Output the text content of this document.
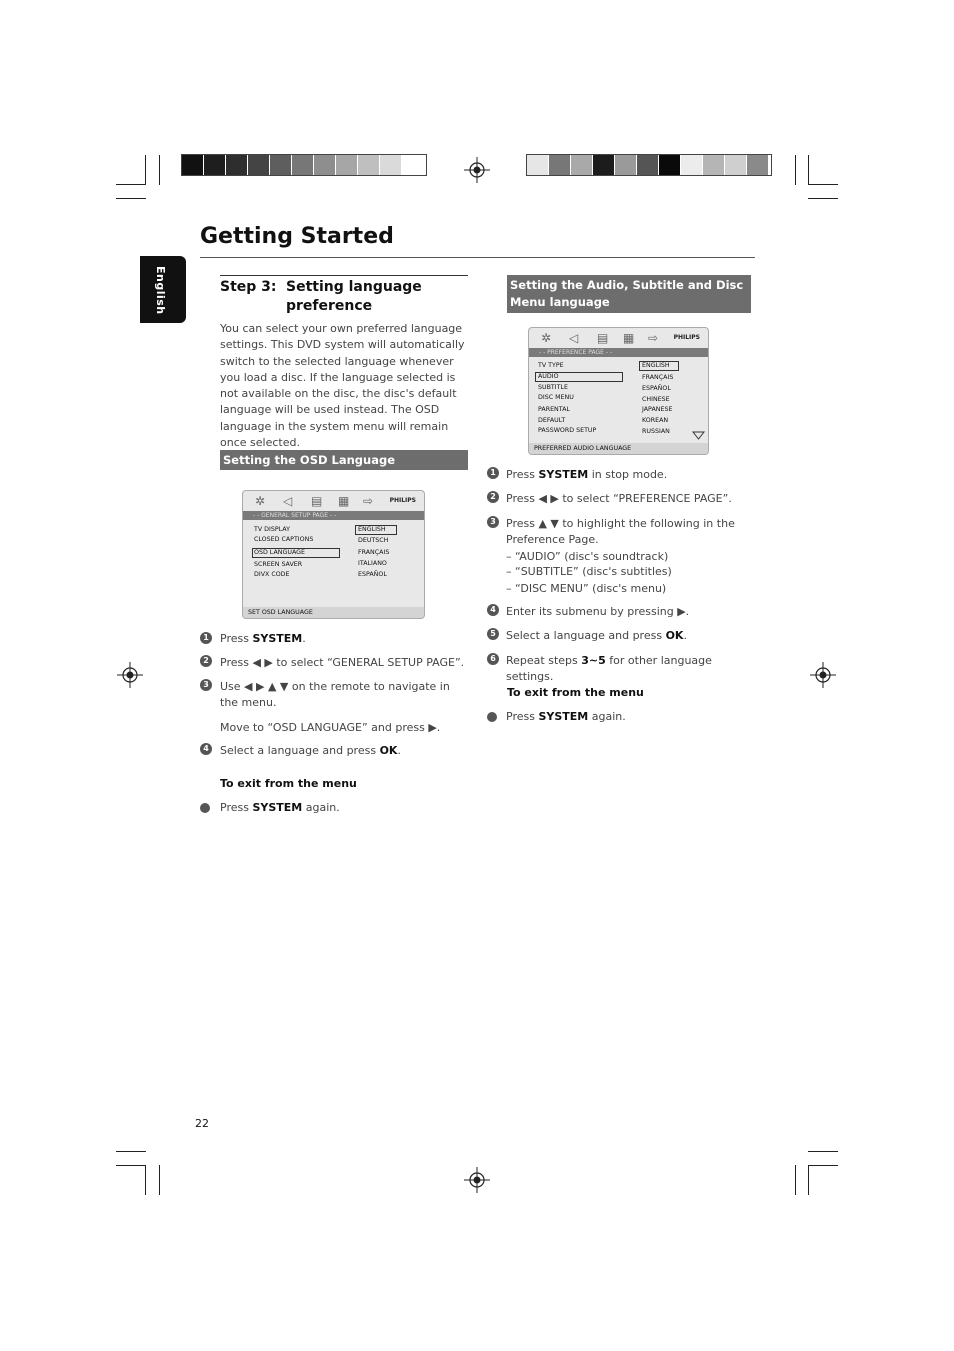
Getting Started
English	Step 3: Setting language preference
You can select your own preferred language settings. This DVD system will automatically switch to the selected language whenever you load a disc. If the language selected is not available on the disc, the disc's default language will be used instead. The OSD language in the system menu will remain once selected.
Setting the OSD Language
✲	◁	▤ ▦ ⇨	PHILIPS
- - GENERAL SETUP PAGE - -
TV DISPLAY
CLOSED CAPTIONS
OSD LANGUAGE
SCREEN SAVER
DIVX CODE
ENGLISH
DEUTSCH
FRANÇAIS
ITALIANO
ESPAÑOL
SET OSD LANGUAGE
1 Press SYSTEM.
2 Press ◀ ▶ to select “GENERAL SETUP PAGE”.
3 Use ◀ ▶ ▲ ▼ on the remote to navigate in the menu.
Move to “OSD LANGUAGE” and press ▶.
4 Select a language and press OK.
To exit from the menu
Press SYSTEM again.
Setting the Audio, Subtitle and Disc Menu language
✲	◁	▤ ▦ ⇨	PHILIPS
- - PREFERENCE PAGE - -
TV TYPE
AUDIO
SUBTITLE
DISC MENU
PARENTAL
DEFAULT
PASSWORD SETUP
ENGLISH
FRANÇAIS
ESPAÑOL
CHINESE
JAPANESE
KOREAN
RUSSIAN
PREFERRED AUDIO LANGUAGE
1 Press SYSTEM in stop mode.
2 Press ◀ ▶ to select “PREFERENCE PAGE”.
3 Press ▲ ▼ to highlight the following in the Preference Page.
– “AUDIO” (disc's soundtrack)
– “SUBTITLE” (disc's subtitles)
– “DISC MENU” (disc's menu)
4 Enter its submenu by pressing ▶.
5 Select a language and press OK.
6 Repeat steps 3~5 for other language settings.
To exit from the menu
Press SYSTEM again.
22
